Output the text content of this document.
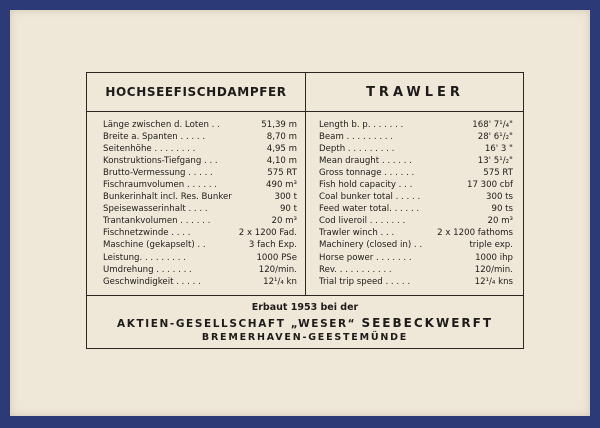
HOCHSEEFISCHDAMPFER	TRAWLER
Länge zwischen d. Loten . .	51,39 m
Breite a. Spanten . . . . .	8,70 m
Seitenhöhe . . . . . . . .	4,95 m
Konstruktions-Tiefgang . . .	4,10 m
Brutto-Vermessung . . . . .	575 RT
Fischraumvolumen . . . . . .	490 m³
Bunkerinhalt incl. Res. Bunker	300 t
Speisewasserinhalt . . . .	90 t
Trantankvolumen . . . . . .	20 m³
Fischnetzwinde . . . .	2 x 1200 Fad.
Maschine (gekapselt) . .	3 fach Exp.
Leistung. . . . . . . . .	1000 PSe
Umdrehung . . . . . . .	120/min.
Geschwindigkeit . . . . .	12¹/₄ kn
Length b. p. . . . . . .	168' 7¹/₄"
Beam . . . . . . . . .	28' 6¹/₂"
Depth . . . . . . . . .	16' 3 "
Mean draught . . . . . .	13' 5¹/₂"
Gross tonnage . . . . . .	575 RT
Fish hold capacity . . .	17 300 cbf
Coal bunker total . . . . .	300 ts
Feed water total. . . . . .	90 ts
Cod liveroil . . . . . . .	20 m³
Trawler winch . . .	2 x 1200 fathoms
Machinery (closed in) . .	triple exp.
Horse power . . . . . . .	1000 ihp
Rev. . . . . . . . . . .	120/min.
Trial trip speed . . . . .	12¹/₄ kns
Erbaut 1953 bei der
AKTIEN-GESELLSCHAFT „WESER“ SEEBECKWERFT
BREMERHAVEN-GEESTEMÜNDE
